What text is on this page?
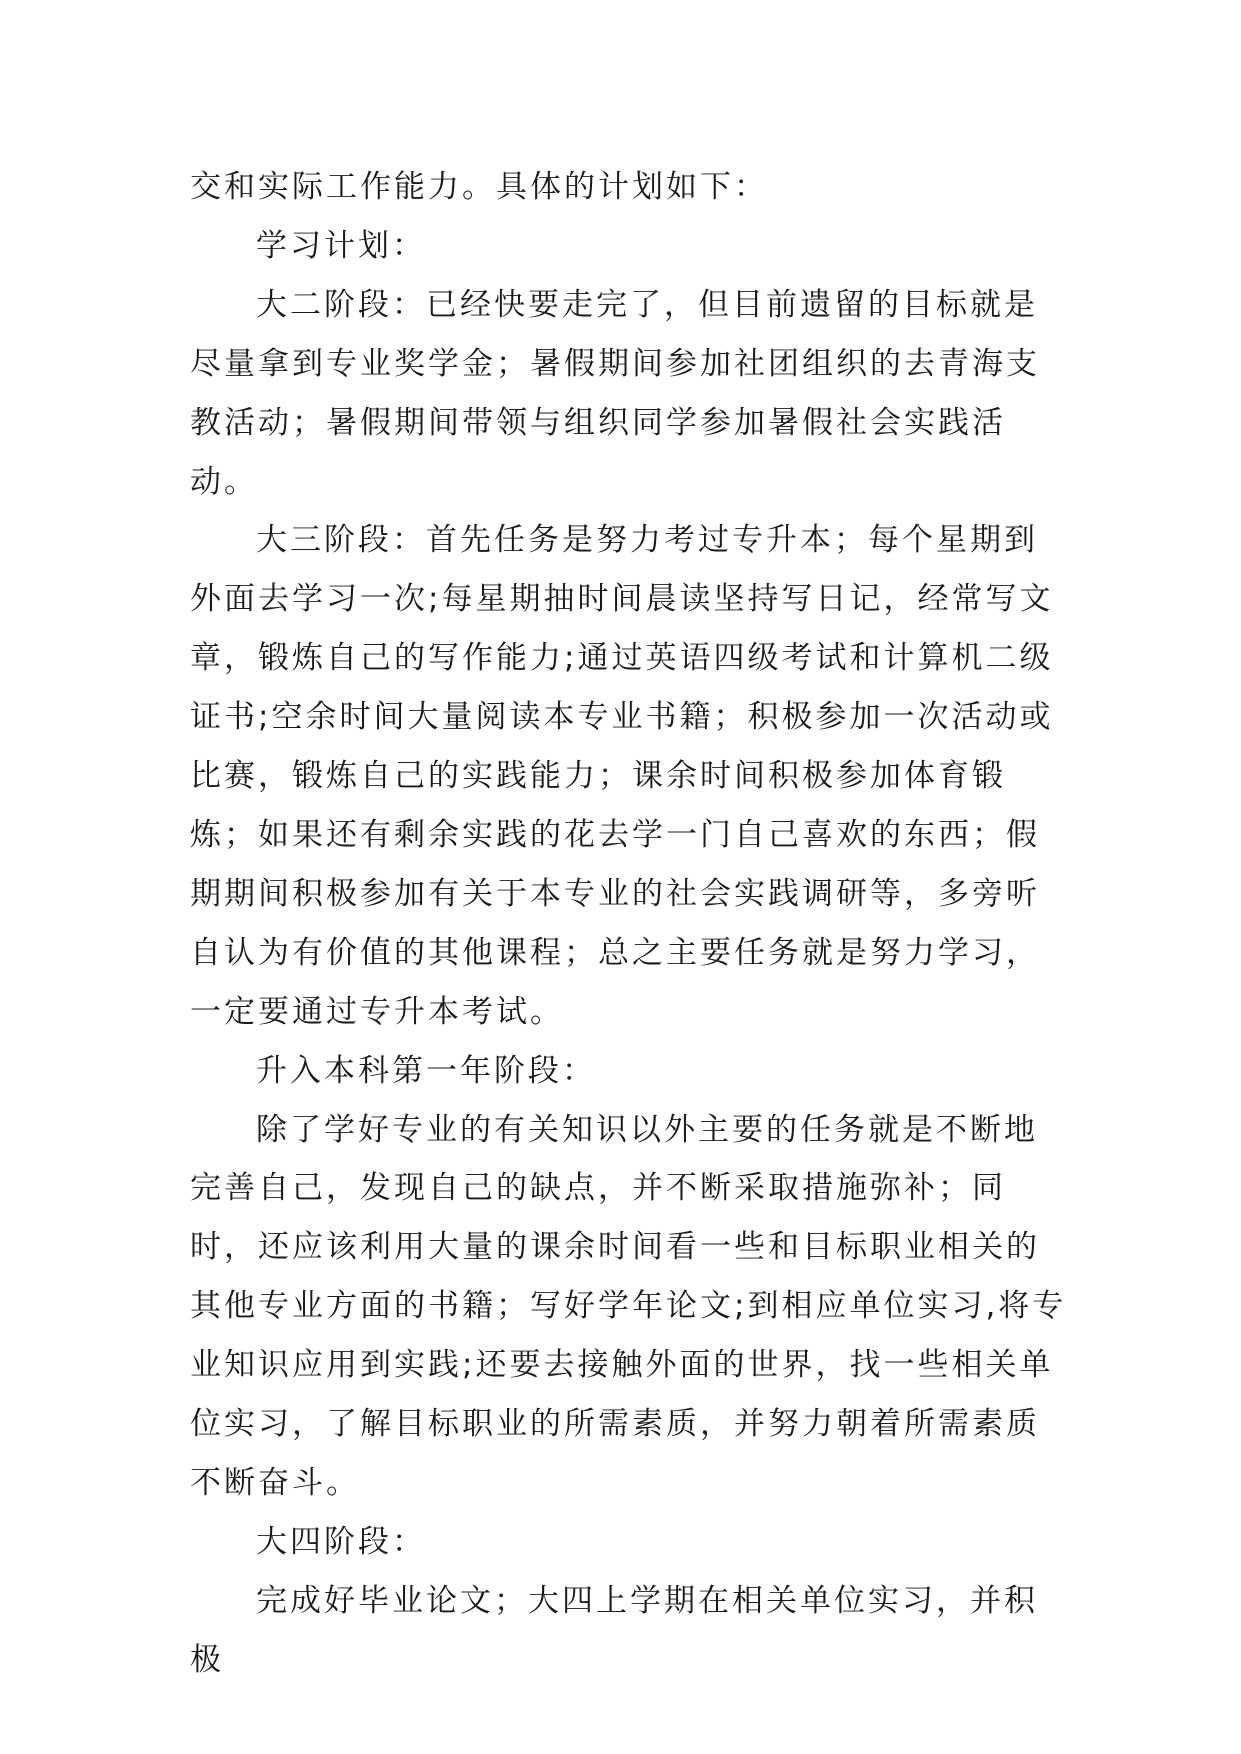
交和实际工作能力。具体的计划如下：

学习计划：

大二阶段：已经快要走完了，但目前遗留的目标就是尽量拿到专业奖学金；暑假期间参加社团组织的去青海支教活动；暑假期间带领与组织同学参加暑假社会实践活动。

大三阶段：首先任务是努力考过专升本；每个星期到外面去学习一次;每星期抽时间晨读坚持写日记，经常写文章，锻炼自己的写作能力;通过英语四级考试和计算机二级证书;空余时间大量阅读本专业书籍；积极参加一次活动或比赛，锻炼自己的实践能力；课余时间积极参加体育锻炼；如果还有剩余实践的花去学一门自己喜欢的东西；假期期间积极参加有关于本专业的社会实践调研等，多旁听自认为有价值的其他课程；总之主要任务就是努力学习，一定要通过专升本考试。

升入本科第一年阶段：

除了学好专业的有关知识以外主要的任务就是不断地完善自己，发现自己的缺点，并不断采取措施弥补；同时，还应该利用大量的课余时间看一些和目标职业相关的其他专业方面的书籍；写好学年论文;到相应单位实习,将专业知识应用到实践;还要去接触外面的世界，找一些相关单位实习，了解目标职业的所需素质，并努力朝着所需素质不断奋斗。

大四阶段：

完成好毕业论文；大四上学期在相关单位实习，并积极
